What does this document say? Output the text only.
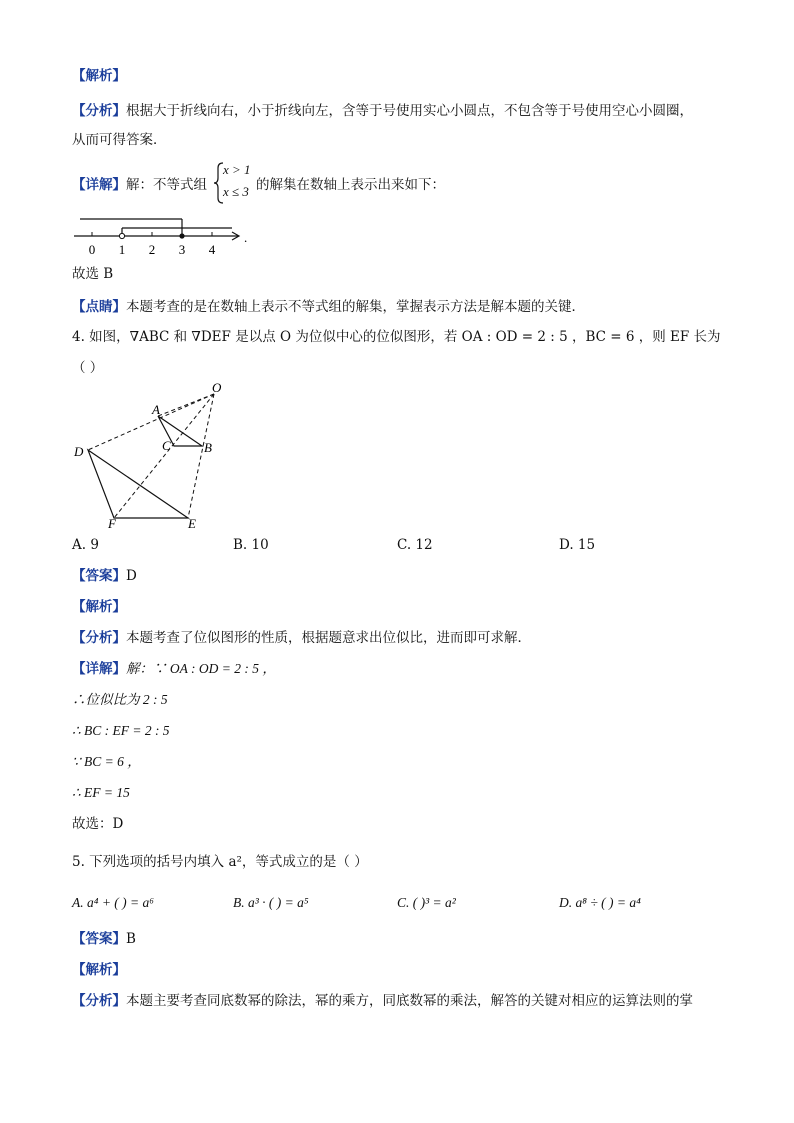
【解析】
【分析】根据大于折线向右，小于折线向左，含等于号使用实心小圆点，不包含等于号使用空心小圆圈，
从而可得答案．
【详解】解：不等式组
x > 1
x ≤ 3 的解集在数轴上表示出来如下：
0 1 2 3 4
.
故选 B
【点睛】本题考查的是在数轴上表示不等式组的解集，掌握表示方法是解本题的关键．
4. 如图，∇ABC 和 ∇DEF 是以点 O 为位似中心的位似图形，若 OA : OD = 2 : 5 ，BC = 6 ，则 EF 长为
（ ）
O
A
C	B
D
F	E
A. 9	B. 10	C. 12	D. 15
【答案】D
【解析】
【分析】本题考查了位似图形的性质，根据题意求出位似比，进而即可求解．
【详解】解：∵ OA : OD = 2 : 5 ，
∴位似比为 2 : 5
∴ BC : EF = 2 : 5
∵ BC = 6 ，
∴ EF = 15
故选：D
5. 下列选项的括号内填入 a²，等式成立的是（ ）
A. a⁴ + ( ) = a⁶	B. a³ · ( ) = a⁵	C. ( )³ = a²	D. a⁸ ÷ ( ) = a⁴
【答案】B
【解析】
【分析】本题主要考查同底数幂的除法，幂的乘方，同底数幂的乘法，解答的关键对相应的运算法则的掌
